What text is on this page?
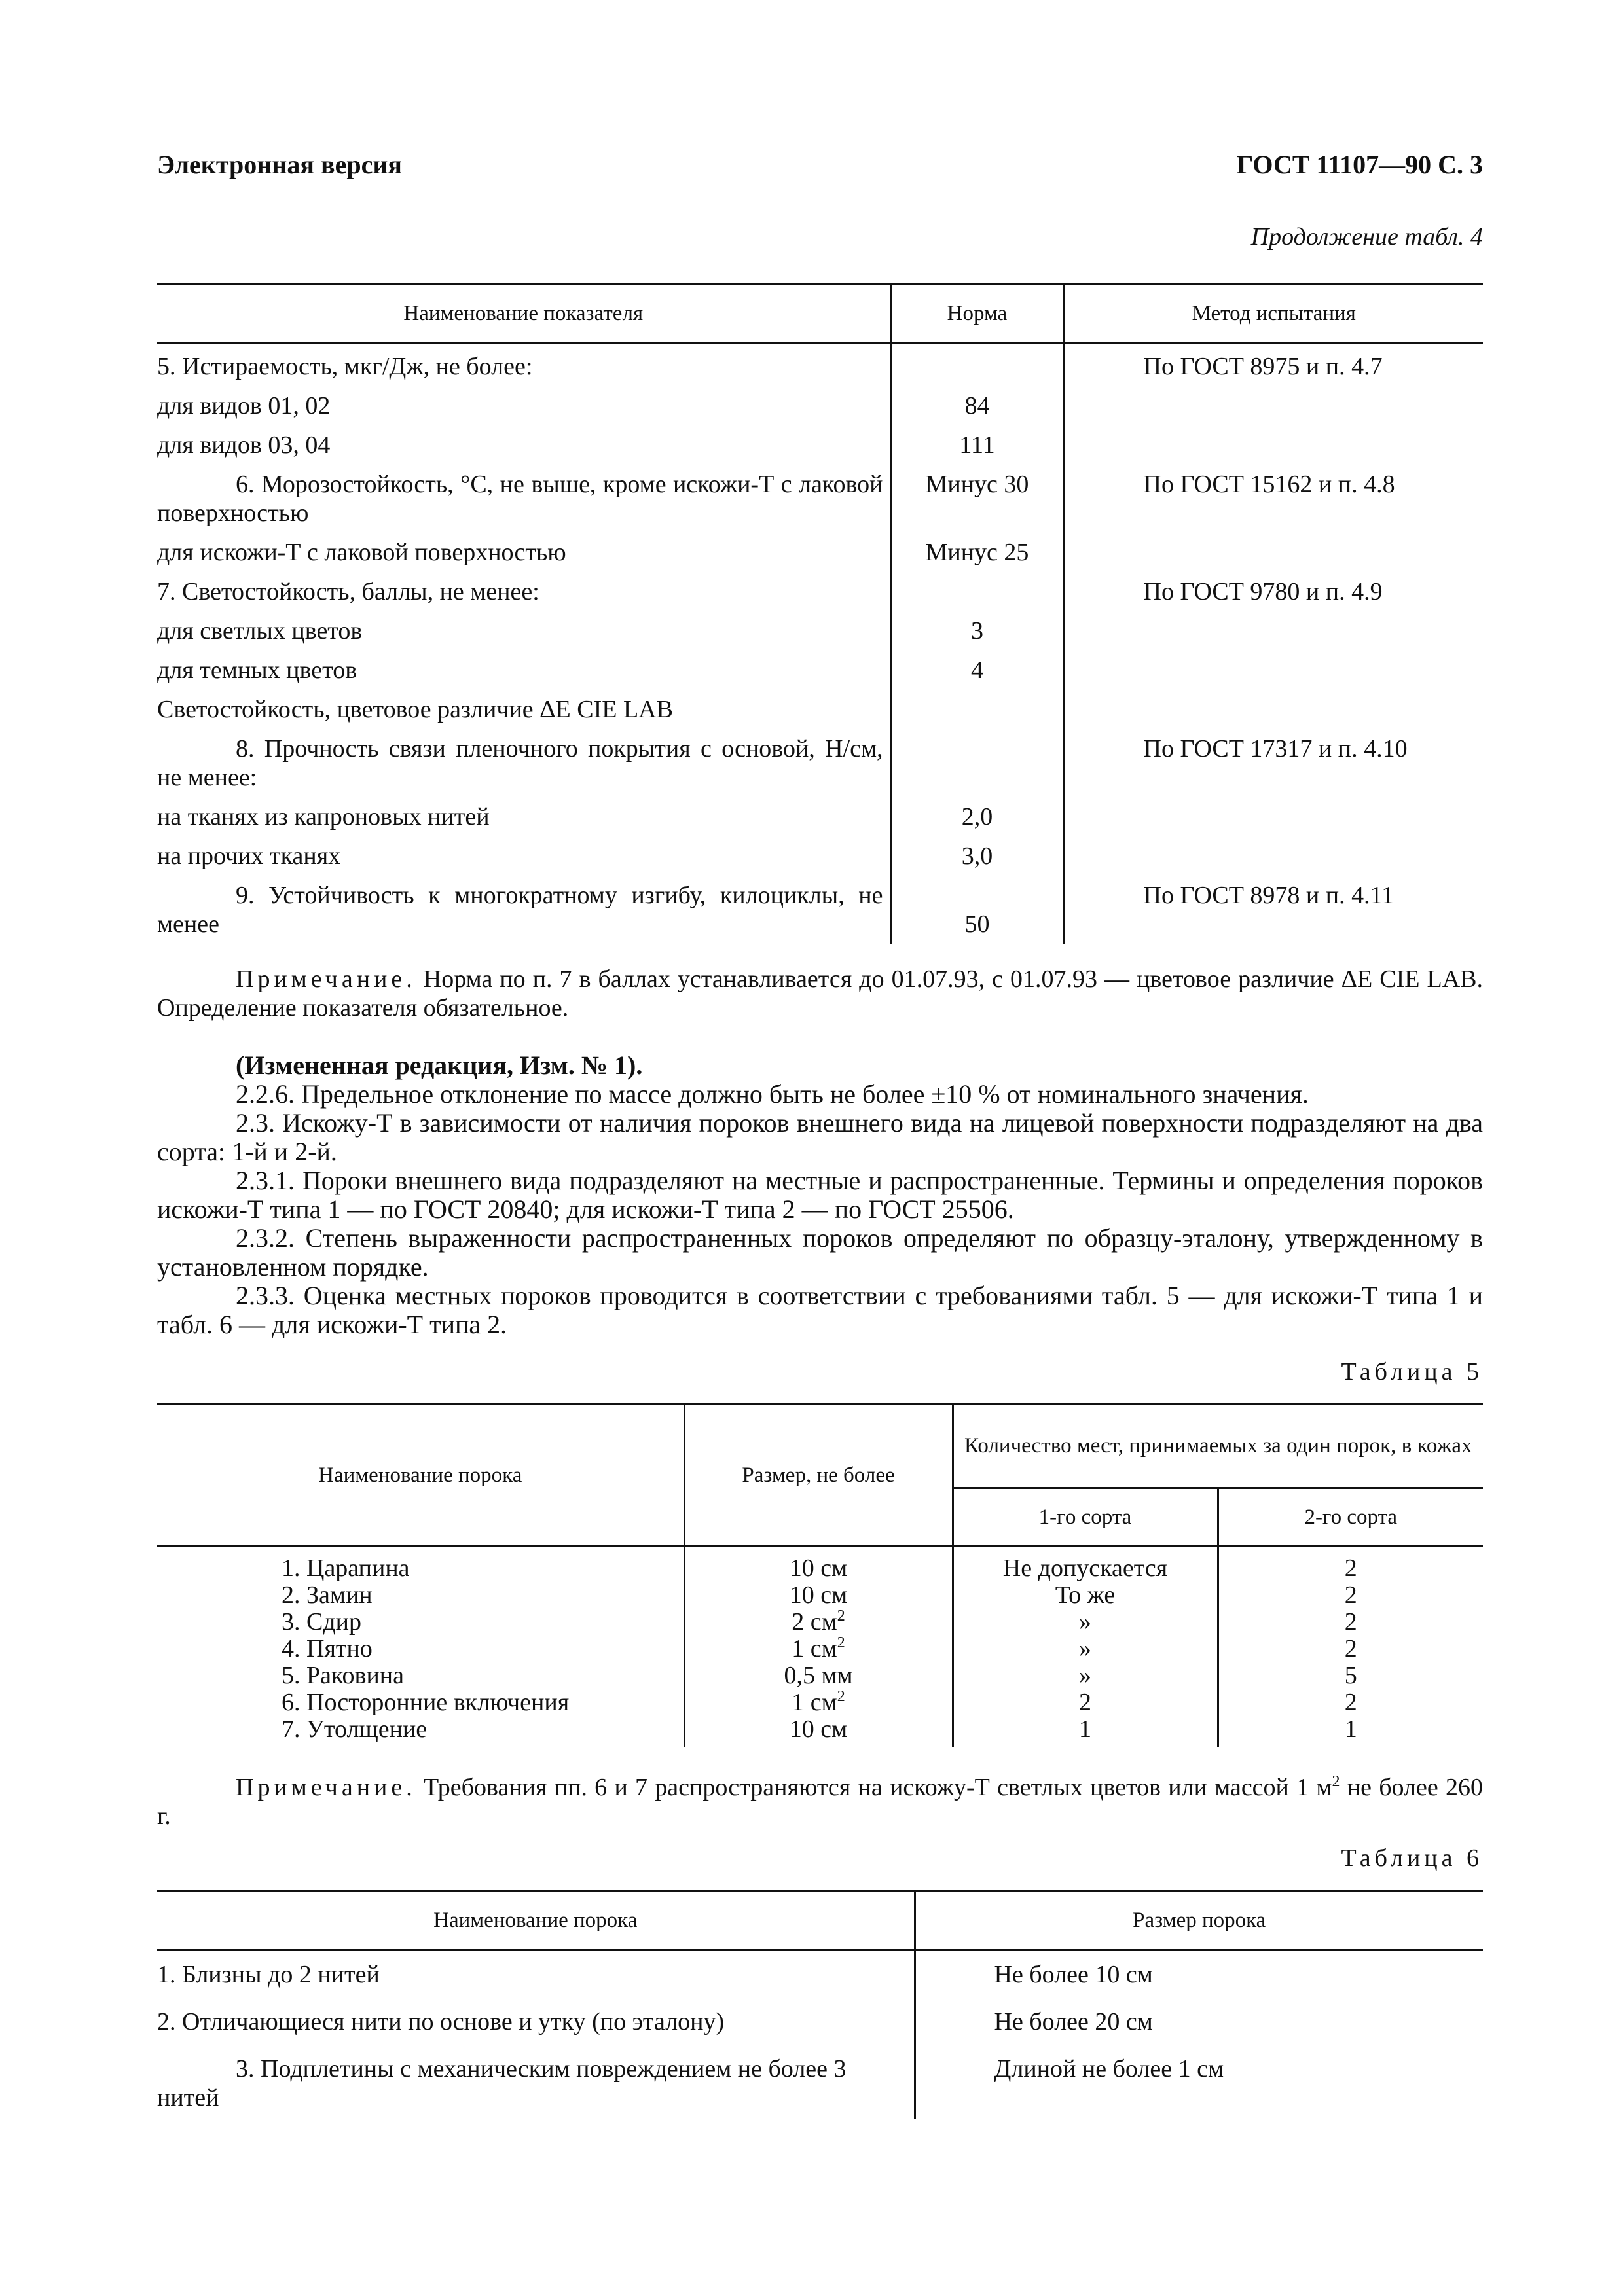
Электронная версия	ГОСТ 11107—90 С. 3
Продолжение табл. 4
Наименование показателя	Норма	Метод испытания
5. Истираемость, мкг/Дж, не более:		По ГОСТ 8975 и п. 4.7
для видов 01, 02	84	
для видов 03, 04	111	
6. Морозостойкость, °С, не выше, кроме искожи-Т с лаковой поверхностью	Минус 30	По ГОСТ 15162 и п. 4.8
для искожи-Т с лаковой поверхностью	Минус 25	
7. Светостойкость, баллы, не менее:		По ГОСТ 9780 и п. 4.9
для светлых цветов	3	
для темных цветов	4	
Светостойкость, цветовое различие ΔE CIE LAB		
8. Прочность связи пленочного покрытия с основой, Н/см, не менее:		По ГОСТ 17317 и п. 4.10
на тканях из капроновых нитей	2,0	
на прочих тканях	3,0	
9. Устойчивость к многократному изгибу, килоциклы, не менее	50	По ГОСТ 8978 и п. 4.11
Примечание. Норма по п. 7 в баллах устанавливается до 01.07.93, с 01.07.93 — цветовое различие ΔE CIE LAB. Определение показателя обязательное.
(Измененная редакция, Изм. № 1).
2.2.6. Предельное отклонение по массе должно быть не более ±10 % от номинального значения.
2.3. Искожу-Т в зависимости от наличия пороков внешнего вида на лицевой поверхности подразделяют на два сорта: 1-й и 2-й.
2.3.1. Пороки внешнего вида подразделяют на местные и распространенные. Термины и определения пороков искожи-Т типа 1 — по ГОСТ 20840; для искожи-Т типа 2 — по ГОСТ 25506.
2.3.2. Степень выраженности распространенных пороков определяют по образцу-эталону, утвержденному в установленном порядке.
2.3.3. Оценка местных пороков проводится в соответствии с требованиями табл. 5 — для искожи-Т типа 1 и табл. 6 — для искожи-Т типа 2.
Таблица 5
Наименование порока	Размер, не более	Количество мест, принимаемых за один порок, в кожах	
		1-го сорта	2-го сорта
1. Царапина	10 см	Не допускается	2
2. Замин	10 см	То же	2
3. Сдир	2 $см^2$	»	2
4. Пятно	1 $см^2$	»	2
5. Раковина	0,5 мм	»	5
6. Посторонние включения	1 $см^2$	2	2
7. Утолщение	10 см	1	1
Примечание. Требования пп. 6 и 7 распространяются на искожу-Т светлых цветов или массой 1 $м^2$ не более 260 г.
Таблица 6
Наименование порока	Размер порока
1. Близны до 2 нитей	Не более 10 см
2. Отличающиеся нити по основе и утку (по эталону)	Не более 20 см
3. Подплетины с механическим повреждением не более 3 нитей	Длиной не более 1 см
